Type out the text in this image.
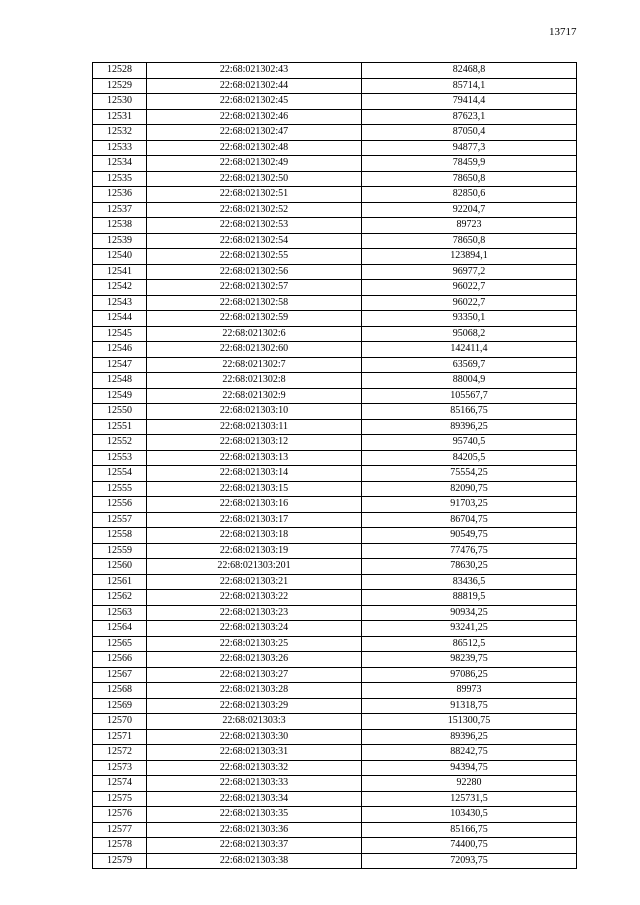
13717
12528	22:68:021302:43	82468,8
12529	22:68:021302:44	85714,1
12530	22:68:021302:45	79414,4
12531	22:68:021302:46	87623,1
12532	22:68:021302:47	87050,4
12533	22:68:021302:48	94877,3
12534	22:68:021302:49	78459,9
12535	22:68:021302:50	78650,8
12536	22:68:021302:51	82850,6
12537	22:68:021302:52	92204,7
12538	22:68:021302:53	89723
12539	22:68:021302:54	78650,8
12540	22:68:021302:55	123894,1
12541	22:68:021302:56	96977,2
12542	22:68:021302:57	96022,7
12543	22:68:021302:58	96022,7
12544	22:68:021302:59	93350,1
12545	22:68:021302:6	95068,2
12546	22:68:021302:60	142411,4
12547	22:68:021302:7	63569,7
12548	22:68:021302:8	88004,9
12549	22:68:021302:9	105567,7
12550	22:68:021303:10	85166,75
12551	22:68:021303:11	89396,25
12552	22:68:021303:12	95740,5
12553	22:68:021303:13	84205,5
12554	22:68:021303:14	75554,25
12555	22:68:021303:15	82090,75
12556	22:68:021303:16	91703,25
12557	22:68:021303:17	86704,75
12558	22:68:021303:18	90549,75
12559	22:68:021303:19	77476,75
12560	22:68:021303:201	78630,25
12561	22:68:021303:21	83436,5
12562	22:68:021303:22	88819,5
12563	22:68:021303:23	90934,25
12564	22:68:021303:24	93241,25
12565	22:68:021303:25	86512,5
12566	22:68:021303:26	98239,75
12567	22:68:021303:27	97086,25
12568	22:68:021303:28	89973
12569	22:68:021303:29	91318,75
12570	22:68:021303:3	151300,75
12571	22:68:021303:30	89396,25
12572	22:68:021303:31	88242,75
12573	22:68:021303:32	94394,75
12574	22:68:021303:33	92280
12575	22:68:021303:34	125731,5
12576	22:68:021303:35	103430,5
12577	22:68:021303:36	85166,75
12578	22:68:021303:37	74400,75
12579	22:68:021303:38	72093,75
